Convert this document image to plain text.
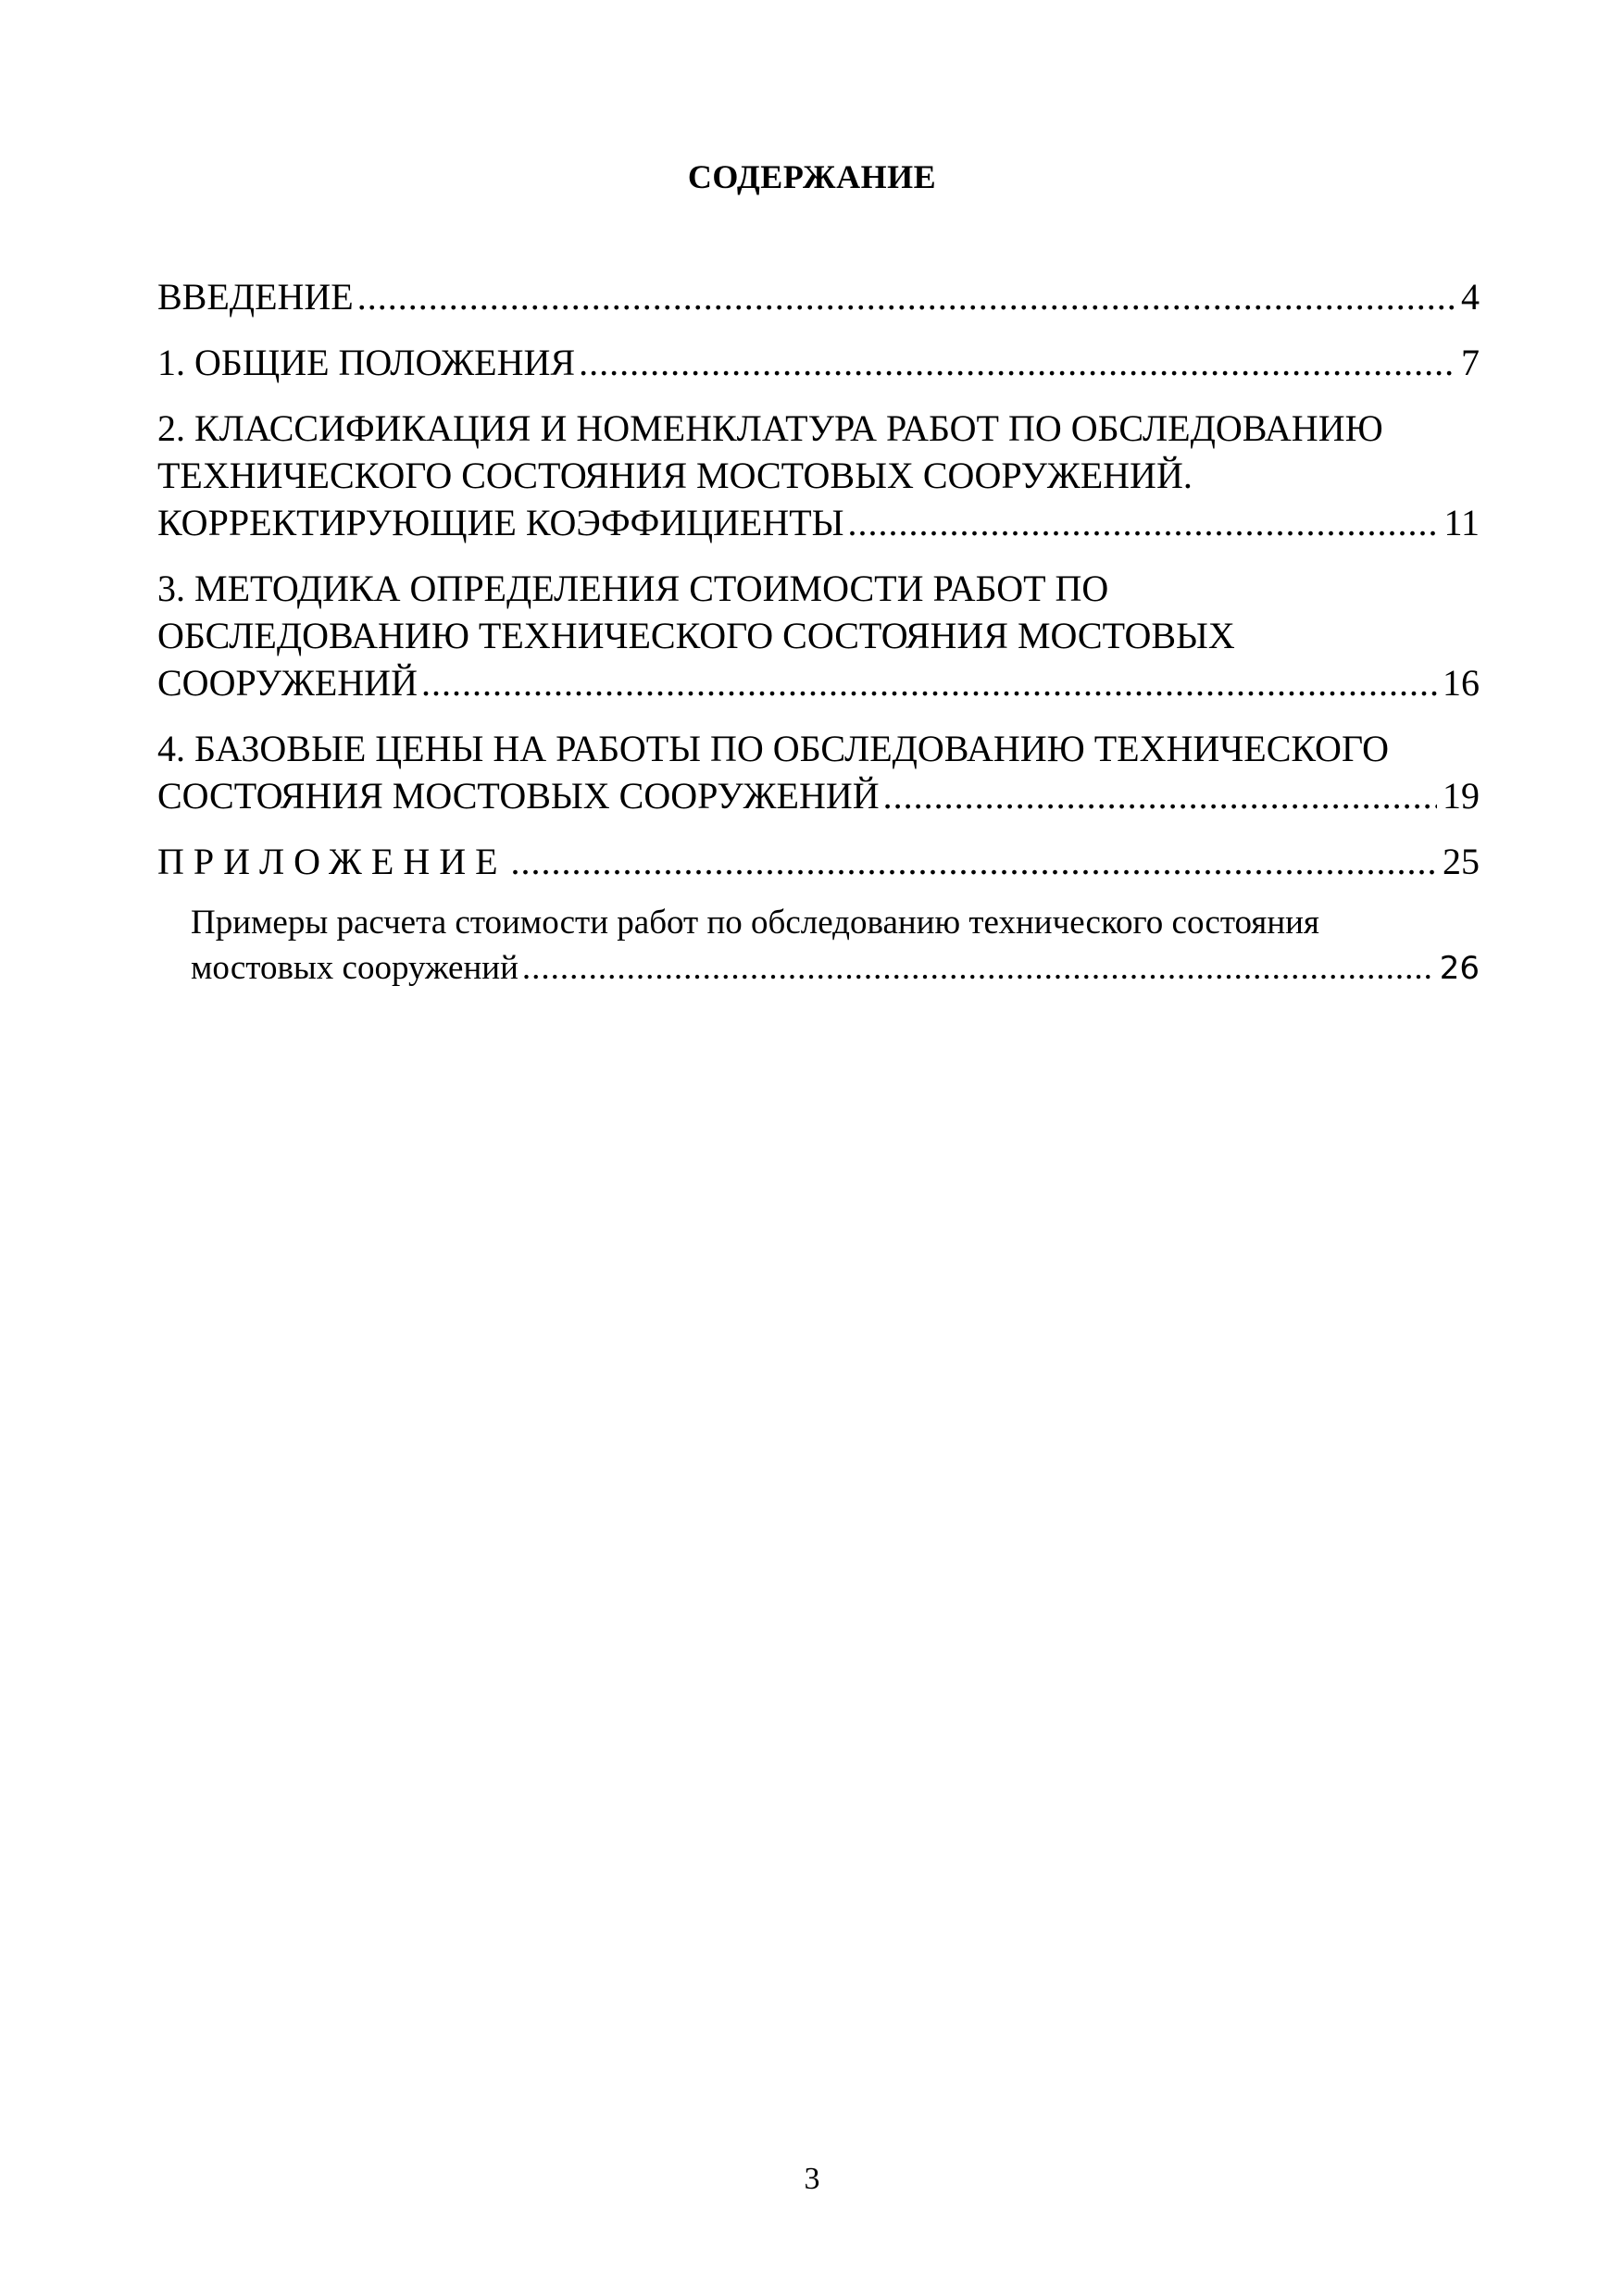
СОДЕРЖАНИЕ
ВВЕДЕНИЕ .....	4
1. ОБЩИЕ ПОЛОЖЕНИЯ .....	7
2. КЛАССИФИКАЦИЯ И НОМЕНКЛАТУРА РАБОТ ПО ОБСЛЕДОВАНИЮ
ТЕХНИЧЕСКОГО СОСТОЯНИЯ МОСТОВЫХ СООРУЖЕНИЙ.
КОРРЕКТИРУЮЩИЕ КОЭФФИЦИЕНТЫ .....	11
3. МЕТОДИКА ОПРЕДЕЛЕНИЯ СТОИМОСТИ РАБОТ ПО
ОБСЛЕДОВАНИЮ ТЕХНИЧЕСКОГО СОСТОЯНИЯ МОСТОВЫХ
СООРУЖЕНИЙ .....	16
4. БАЗОВЫЕ ЦЕНЫ НА РАБОТЫ ПО ОБСЛЕДОВАНИЮ ТЕХНИЧЕСКОГО
СОСТОЯНИЯ МОСТОВЫХ СООРУЖЕНИЙ .....	19
ПРИЛОЖЕНИЕ .....	25
Примеры расчета стоимости работ по обследованию технического состояния
мостовых сооружений .....	26
3
